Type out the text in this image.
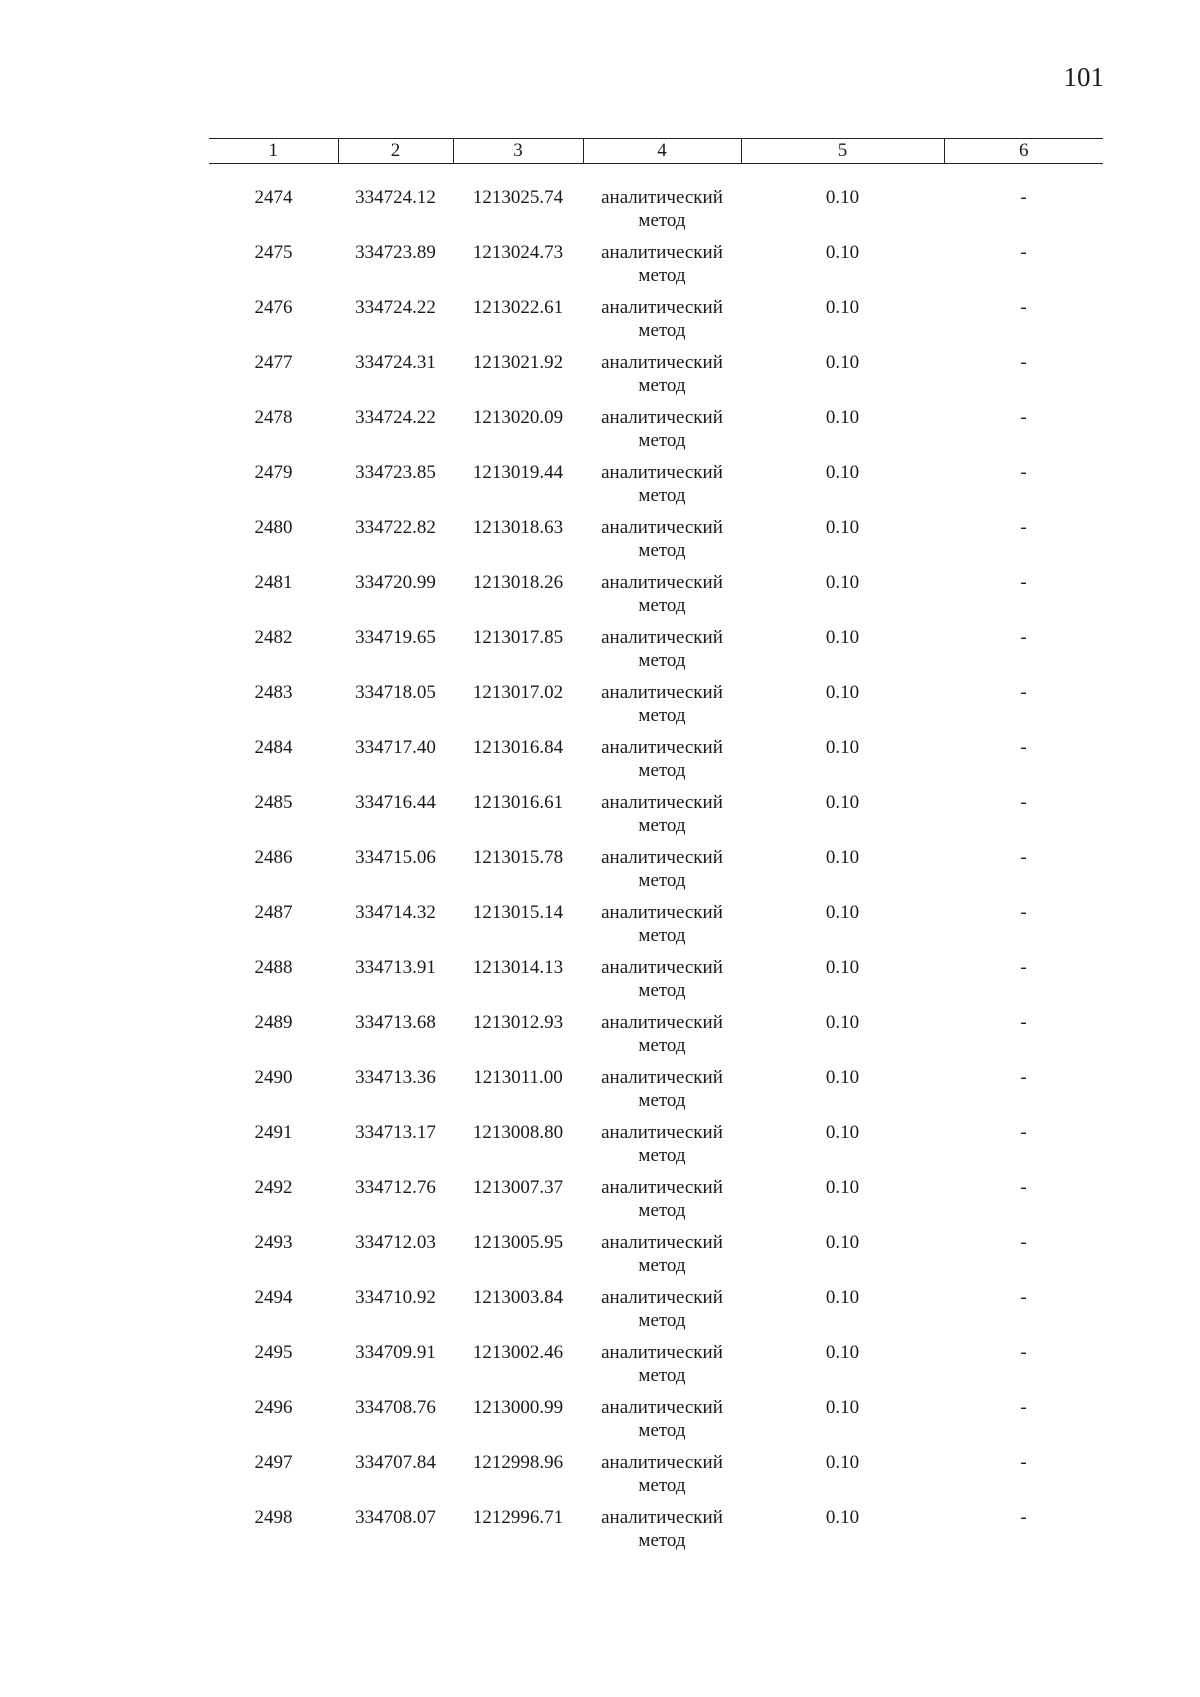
101
1	2	3	4	5	6

2474	334724.12	1213025.74	аналитический
метод	0.10	-
2475	334723.89	1213024.73	аналитический
метод	0.10	-
2476	334724.22	1213022.61	аналитический
метод	0.10	-
2477	334724.31	1213021.92	аналитический
метод	0.10	-
2478	334724.22	1213020.09	аналитический
метод	0.10	-
2479	334723.85	1213019.44	аналитический
метод	0.10	-
2480	334722.82	1213018.63	аналитический
метод	0.10	-
2481	334720.99	1213018.26	аналитический
метод	0.10	-
2482	334719.65	1213017.85	аналитический
метод	0.10	-
2483	334718.05	1213017.02	аналитический
метод	0.10	-
2484	334717.40	1213016.84	аналитический
метод	0.10	-
2485	334716.44	1213016.61	аналитический
метод	0.10	-
2486	334715.06	1213015.78	аналитический
метод	0.10	-
2487	334714.32	1213015.14	аналитический
метод	0.10	-
2488	334713.91	1213014.13	аналитический
метод	0.10	-
2489	334713.68	1213012.93	аналитический
метод	0.10	-
2490	334713.36	1213011.00	аналитический
метод	0.10	-
2491	334713.17	1213008.80	аналитический
метод	0.10	-
2492	334712.76	1213007.37	аналитический
метод	0.10	-
2493	334712.03	1213005.95	аналитический
метод	0.10	-
2494	334710.92	1213003.84	аналитический
метод	0.10	-
2495	334709.91	1213002.46	аналитический
метод	0.10	-
2496	334708.76	1213000.99	аналитический
метод	0.10	-
2497	334707.84	1212998.96	аналитический
метод	0.10	-
2498	334708.07	1212996.71	аналитический
метод	0.10	-
